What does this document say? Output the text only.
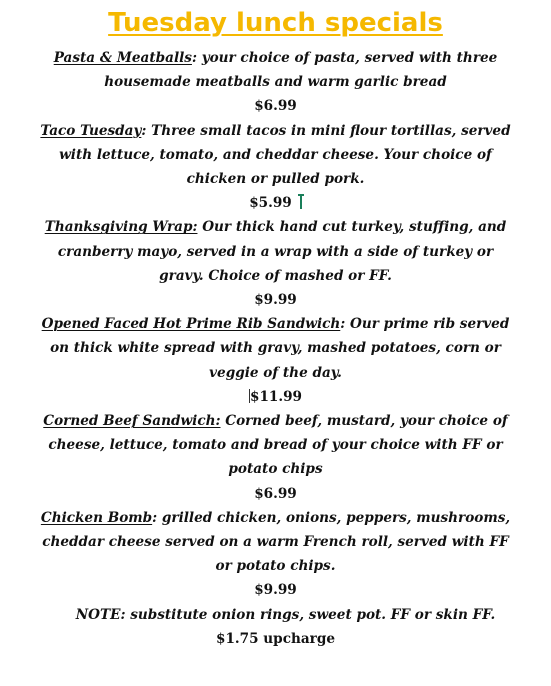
Tuesday lunch specials

Pasta & Meatballs: your choice of pasta, served with three housemade meatballs and warm garlic bread

$6.99

Taco Tuesday: Three small tacos in mini flour tortillas, served with lettuce, tomato, and cheddar cheese. Your choice of chicken or pulled pork.

$5.99

Thanksgiving Wrap: Our thick hand cut turkey, stuffing, and cranberry mayo, served in a wrap with a side of turkey or gravy. Choice of mashed or FF.

$9.99

Opened Faced Hot Prime Rib Sandwich: Our prime rib served on thick white spread with gravy, mashed potatoes, corn or veggie of the day.

$11.99

Corned Beef Sandwich: Corned beef, mustard, your choice of cheese, lettuce, tomato and bread of your choice with FF or potato chips

$6.99

Chicken Bomb: grilled chicken, onions, peppers, mushrooms, cheddar cheese served on a warm French roll, served with FF or potato chips.

$9.99

NOTE: substitute onion rings, sweet pot. FF or skin FF.

$1.75 upcharge
